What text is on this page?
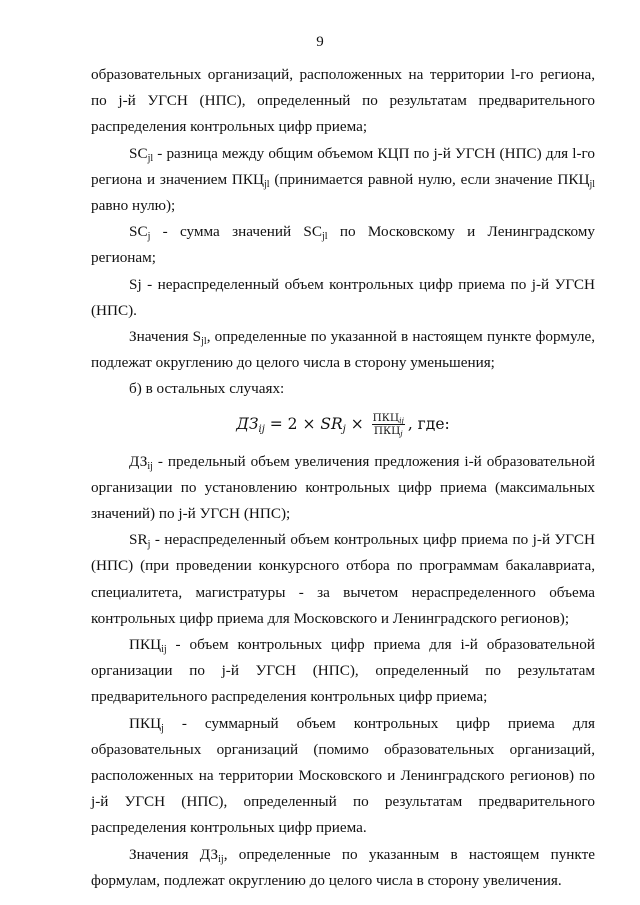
9

образовательных организаций, расположенных на территории l-го региона, по j-й УГСН (НПС), определенный по результатам предварительного распределения контрольных цифр приема;

$SC_{jl}$ - разница между общим объемом КЦП по j-й УГСН (НПС) для l-го региона и значением $ПКЦ_{jl}$ (принимается равной нулю, если значение $ПКЦ_{jl}$ равно нулю);

$SC_j$ - сумма значений $SC_{jl}$ по Московскому и Ленинградскому регионам;

Sj - нераспределенный объем контрольных цифр приема по j-й УГСН (НПС).

Значения $S_{jl}$, определенные по указанной в настоящем пункте формуле, подлежат округлению до целого числа в сторону уменьшения;

б) в остальных случаях:

$ДЗ_{ij} = 2 \times SR_j \times \frac{ПКЦ_{ij}}{ПКЦ_j}$ , где:

$ДЗ_{ij}$ - предельный объем увеличения предложения i-й образовательной организации по установлению контрольных цифр приема (максимальных значений) по j-й УГСН (НПС);

$SR_j$ - нераспределенный объем контрольных цифр приема по j-й УГСН (НПС) (при проведении конкурсного отбора по программам бакалавриата, специалитета, магистратуры - за вычетом нераспределенного объема контрольных цифр приема для Московского и Ленинградского регионов);

$ПКЦ_{ij}$ - объем контрольных цифр приема для i-й образовательной организации по j-й УГСН (НПС), определенный по результатам предварительного распределения контрольных цифр приема;

$ПКЦ_j$ - суммарный объем контрольных цифр приема для образовательных организаций (помимо образовательных организаций, расположенных на территории Московского и Ленинградского регионов) по j-й УГСН (НПС), определенный по результатам предварительного распределения контрольных цифр приема.

Значения $ДЗ_{ij}$, определенные по указанным в настоящем пункте формулам, подлежат округлению до целого числа в сторону увеличения.
